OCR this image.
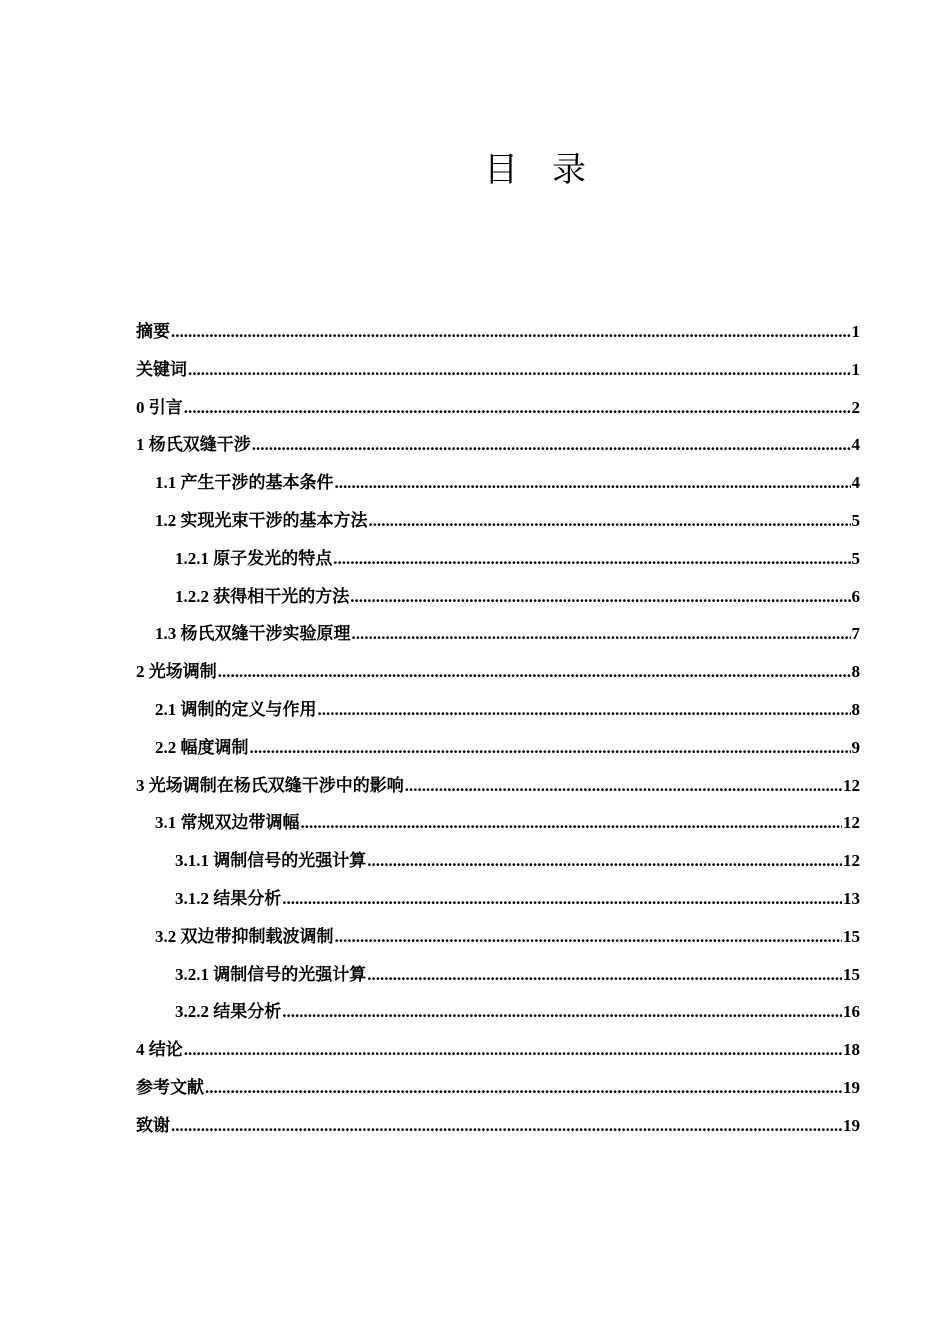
目　录
摘要 .....	1
关键词 .....	1
0 引言 .....	2
1 杨氏双缝干涉 .....	4
1.1 产生干涉的基本条件 .....	4
1.2 实现光束干涉的基本方法 .....	5
1.2.1 原子发光的特点 .....	5
1.2.2 获得相干光的方法 .....	6
1.3 杨氏双缝干涉实验原理 .....	7
2 光场调制 .....	8
2.1 调制的定义与作用 .....	8
2.2 幅度调制 .....	9
3 光场调制在杨氏双缝干涉中的影响 .....	12
3.1 常规双边带调幅 .....	12
3.1.1 调制信号的光强计算 .....	12
3.1.2 结果分析 .....	13
3.2 双边带抑制载波调制 .....	15
3.2.1 调制信号的光强计算 .....	15
3.2.2 结果分析 .....	16
4 结论 .....	18
参考文献 .....	19
致谢 .....	19
